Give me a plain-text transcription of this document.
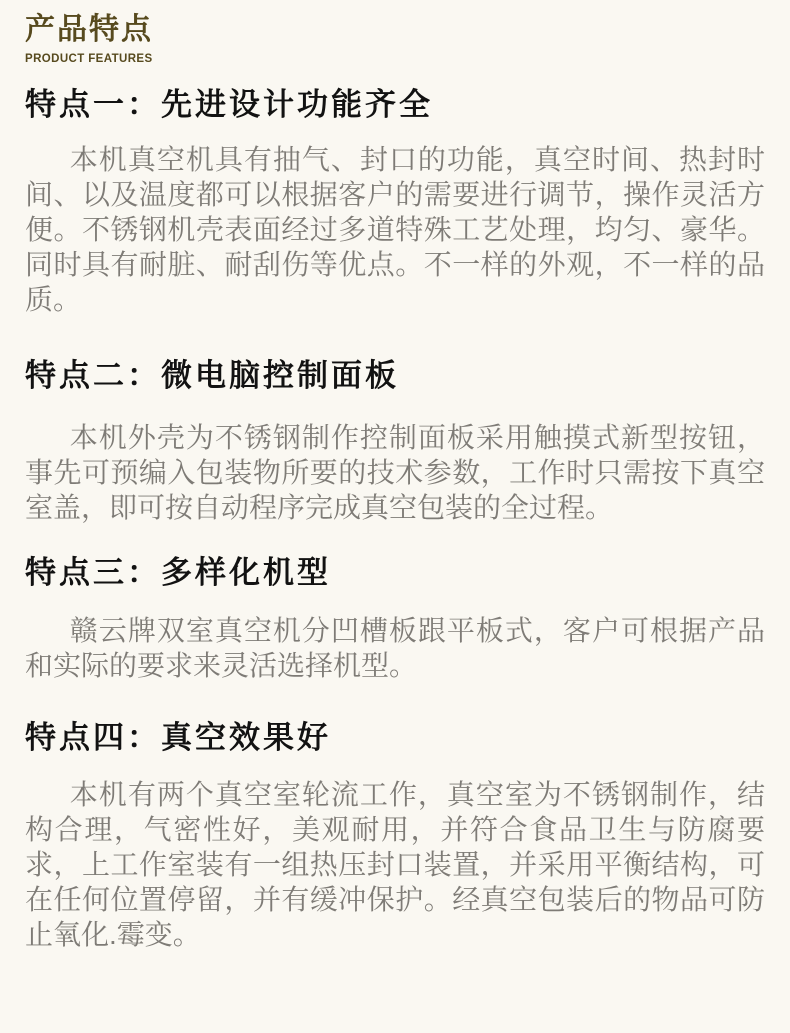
产品特点
PRODUCT FEATURES
特点一：先进设计功能齐全

本机真空机具有抽气、封口的功能，真空时间、热封时间、以及温度都可以根据客户的需要进行调节，操作灵活方便。不锈钢机壳表面经过多道特殊工艺处理，均匀、豪华。同时具有耐脏、耐刮伤等优点。不一样的外观，不一样的品质。

特点二：微电脑控制面板

本机外壳为不锈钢制作控制面板采用触摸式新型按钮，事先可预编入包装物所要的技术参数，工作时只需按下真空室盖，即可按自动程序完成真空包装的全过程。

特点三：多样化机型

赣云牌双室真空机分凹槽板跟平板式，客户可根据产品和实际的要求来灵活选择机型。

特点四：真空效果好

本机有两个真空室轮流工作，真空室为不锈钢制作，结构合理，气密性好，美观耐用，并符合食品卫生与防腐要求，上工作室装有一组热压封口装置，并采用平衡结构，可在任何位置停留，并有缓冲保护。经真空包装后的物品可防止氧化.霉变。
